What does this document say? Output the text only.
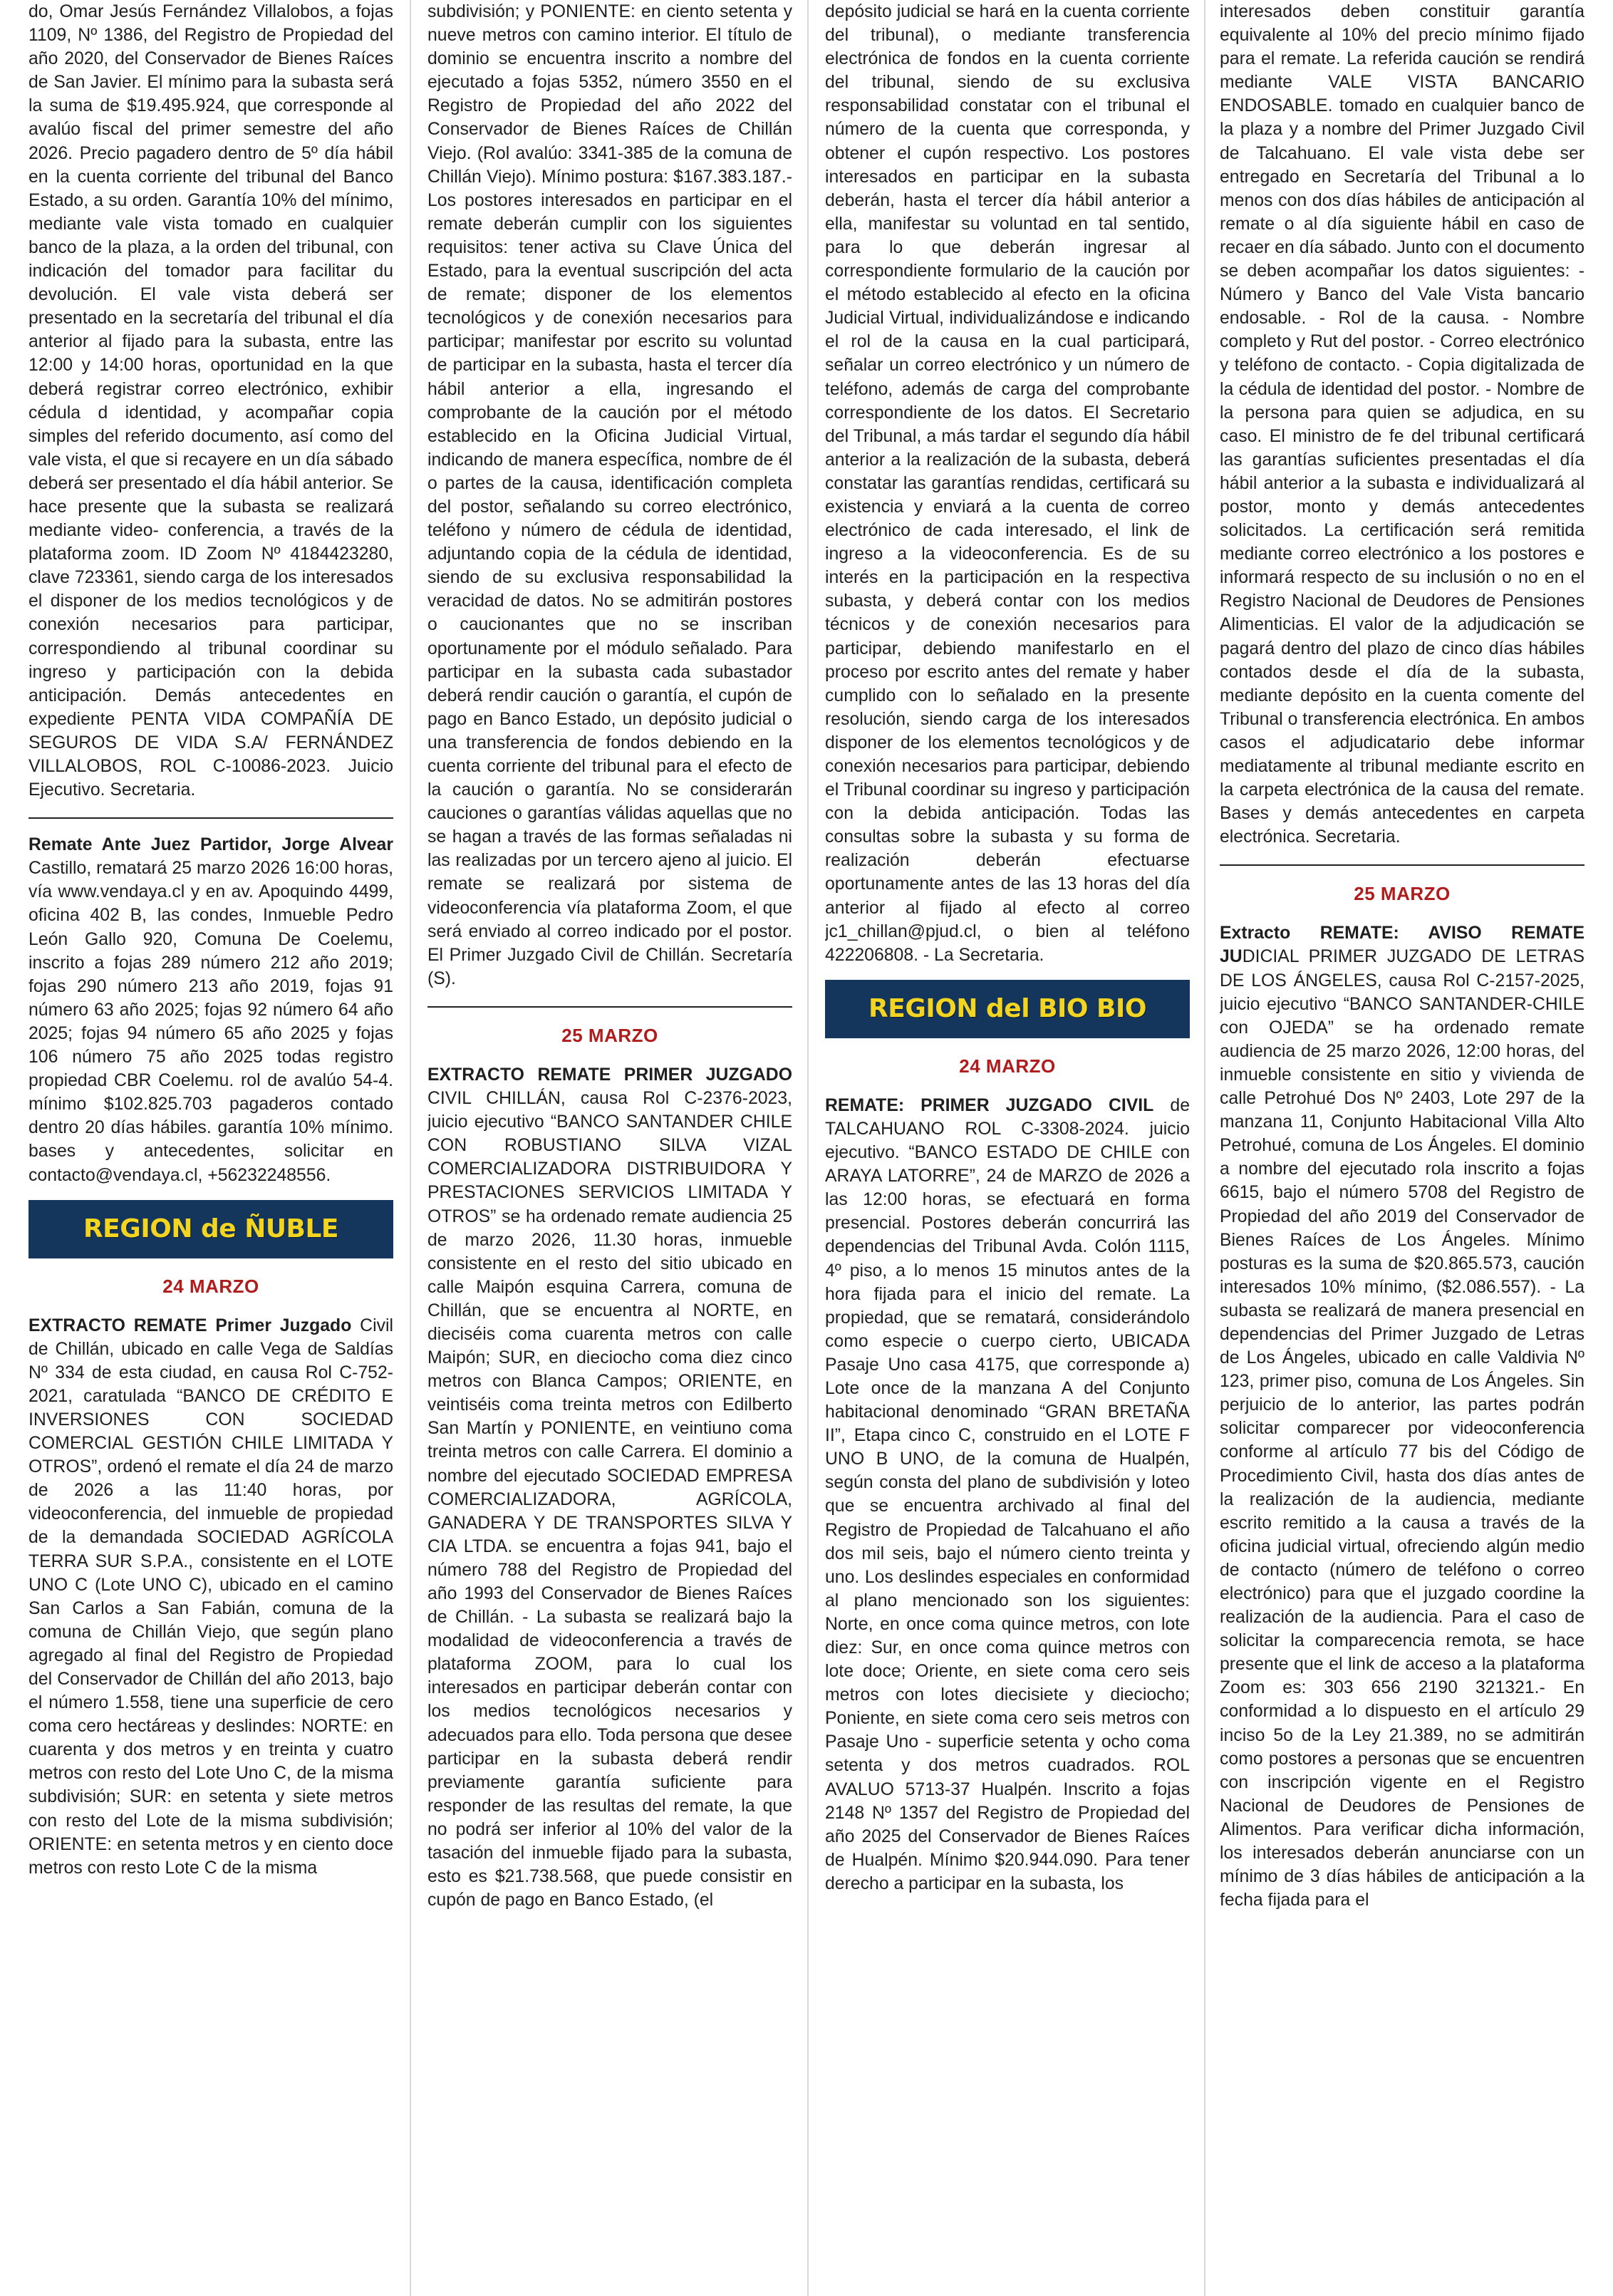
do, Omar Jesús Fernández Villalobos, a fojas 1109, Nº 1386, del Registro de Propiedad del año 2020, del Conservador de Bienes Raíces de San Javier. El mínimo para la subasta será la suma de $19.495.924, que corresponde al avalúo fiscal del primer semestre del año 2026. Precio pagadero dentro de 5º día hábil en la cuenta corriente del tribunal del Banco Estado, a su orden. Garantía 10% del mínimo, mediante vale vista tomado en cualquier banco de la plaza, a la orden del tribunal, con indicación del tomador para facilitar du devolución. El vale vista deberá ser presentado en la secretaría del tribunal el día anterior al fijado para la subasta, entre las 12:00 y 14:00 horas, oportunidad en la que deberá registrar correo electrónico, exhibir cédula d identidad, y acompañar copia simples del referido documento, así como del vale vista, el que si recayere en un día sábado deberá ser presentado el día hábil anterior. Se hace presente que la subasta se realizará mediante video- conferencia, a través de la plataforma zoom. ID Zoom Nº 4184423280, clave 723361, siendo carga de los interesados el disponer de los medios tecnológicos y de conexión necesarios para participar, correspondiendo al tribunal coordinar su ingreso y participación con la debida anticipación. Demás antecedentes en expediente PENTA VIDA COMPAÑÍA DE SEGUROS DE VIDA S.A/ FERNÁNDEZ VILLALOBOS, ROL C-10086-2023. Juicio Ejecutivo. Secretaria.

Remate Ante Juez Partidor, Jorge Alvear Castillo, rematará 25 marzo 2026 16:00 horas, vía www.vendaya.cl y en av. Apoquindo 4499, oficina 402 B, las condes, Inmueble Pedro León Gallo 920, Comuna De Coelemu, inscrito a fojas 289 número 212 año 2019; fojas 290 número 213 año 2019, fojas 91 número 63 año 2025; fojas 92 número 64 año 2025; fojas 94 número 65 año 2025 y fojas 106 número 75 año 2025 todas registro propiedad CBR Coelemu. rol de avalúo 54-4. mínimo $102.825.703 pagaderos contado dentro 20 días hábiles. garantía 10% mínimo. bases y antecedentes, solicitar en contacto@vendaya.cl, +56232248556.

REGION de ÑUBLE
24 MARZO

EXTRACTO REMATE Primer Juzgado Civil de Chillán, ubicado en calle Vega de Saldías Nº 334 de esta ciudad, en causa Rol C-752-2021, caratulada “BANCO DE CRÉDITO E INVERSIONES CON SOCIEDAD COMERCIAL GESTIÓN CHILE LIMITADA Y OTROS”, ordenó el remate el día 24 de marzo de 2026 a las 11:40 horas, por videoconferencia, del inmueble de propiedad de la demandada SOCIEDAD AGRÍCOLA TERRA SUR S.P.A., consistente en el LOTE UNO C (Lote UNO C), ubicado en el camino San Carlos a San Fabián, comuna de la comuna de Chillán Viejo, que según plano agregado al final del Registro de Propiedad del Conservador de Chillán del año 2013, bajo el número 1.558, tiene una superficie de cero coma cero hectáreas y deslindes: NORTE: en cuarenta y dos metros y en treinta y cuatro metros con resto del Lote Uno C, de la misma subdivisión; SUR: en setenta y siete metros con resto del Lote de la misma subdivisión; ORIENTE: en setenta metros y en ciento doce metros con resto Lote C de la misma

subdivisión; y PONIENTE: en ciento setenta y nueve metros con camino interior. El título de dominio se encuentra inscrito a nombre del ejecutado a fojas 5352, número 3550 en el Registro de Propiedad del año 2022 del Conservador de Bienes Raíces de Chillán Viejo. (Rol avalúo: 3341-385 de la comuna de Chillán Viejo). Mínimo postura: $167.383.187.- Los postores interesados en participar en el remate deberán cumplir con los siguientes requisitos: tener activa su Clave Única del Estado, para la eventual suscripción del acta de remate; disponer de los elementos tecnológicos y de conexión necesarios para participar; manifestar por escrito su voluntad de participar en la subasta, hasta el tercer día hábil anterior a ella, ingresando el comprobante de la caución por el método establecido en la Oficina Judicial Virtual, indicando de manera específica, nombre de él o partes de la causa, identificación completa del postor, señalando su correo electrónico, teléfono y número de cédula de identidad, adjuntando copia de la cédula de identidad, siendo de su exclusiva responsabilidad la veracidad de datos. No se admitirán postores o caucionantes que no se inscriban oportunamente por el módulo señalado. Para participar en la subasta cada subastador deberá rendir caución o garantía, el cupón de pago en Banco Estado, un depósito judicial o una transferencia de fondos debiendo en la cuenta corriente del tribunal para el efecto de la caución o garantía. No se considerarán cauciones o garantías válidas aquellas que no se hagan a través de las formas señaladas ni las realizadas por un tercero ajeno al juicio. El remate se realizará por sistema de videoconferencia vía plataforma Zoom, el que será enviado al correo indicado por el postor. El Primer Juzgado Civil de Chillán. Secretaría (S).

25 MARZO

EXTRACTO REMATE PRIMER JUZGADO CIVIL CHILLÁN, causa Rol C-2376-2023, juicio ejecutivo “BANCO SANTANDER CHILE CON ROBUSTIANO SILVA VIZAL COMERCIALIZADORA DISTRIBUIDORA Y PRESTACIONES SERVICIOS LIMITADA Y OTROS” se ha ordenado remate audiencia 25 de marzo 2026, 11.30 horas, inmueble consistente en el resto del sitio ubicado en calle Maipón esquina Carrera, comuna de Chillán, que se encuentra al NORTE, en dieciséis coma cuarenta metros con calle Maipón; SUR, en dieciocho coma diez cinco metros con Blanca Campos; ORIENTE, en veintiséis coma treinta metros con Edilberto San Martín y PONIENTE, en veintiuno coma treinta metros con calle Carrera. El dominio a nombre del ejecutado SOCIEDAD EMPRESA COMERCIALIZADORA, AGRÍCOLA, GANADERA Y DE TRANSPORTES SILVA Y CIA LTDA. se encuentra a fojas 941, bajo el número 788 del Registro de Propiedad del año 1993 del Conservador de Bienes Raíces de Chillán. - La subasta se realizará bajo la modalidad de videoconferencia a través de plataforma ZOOM, para lo cual los interesados en participar deberán contar con los medios tecnológicos necesarios y adecuados para ello. Toda persona que desee participar en la subasta deberá rendir previamente garantía suficiente para responder de las resultas del remate, la que no podrá ser inferior al 10% del valor de la tasación del inmueble fijado para la subasta, esto es $21.738.568, que puede consistir en cupón de pago en Banco Estado, (el

depósito judicial se hará en la cuenta corriente del tribunal), o mediante transferencia electrónica de fondos en la cuenta corriente del tribunal, siendo de su exclusiva responsabilidad constatar con el tribunal el número de la cuenta que corresponda, y obtener el cupón respectivo. Los postores interesados en participar en la subasta deberán, hasta el tercer día hábil anterior a ella, manifestar su voluntad en tal sentido, para lo que deberán ingresar al correspondiente formulario de la caución por el método establecido al efecto en la oficina Judicial Virtual, individualizándose e indicando el rol de la causa en la cual participará, señalar un correo electrónico y un número de teléfono, además de carga del comprobante correspondiente de los datos. El Secretario del Tribunal, a más tardar el segundo día hábil anterior a la realización de la subasta, deberá constatar las garantías rendidas, certificará su existencia y enviará a la cuenta de correo electrónico de cada interesado, el link de ingreso a la videoconferencia. Es de su interés en la participación en la respectiva subasta, y deberá contar con los medios técnicos y de conexión necesarios para participar, debiendo manifestarlo en el proceso por escrito antes del remate y haber cumplido con lo señalado en la presente resolución, siendo carga de los interesados disponer de los elementos tecnológicos y de conexión necesarios para participar, debiendo el Tribunal coordinar su ingreso y participación con la debida anticipación. Todas las consultas sobre la subasta y su forma de realización deberán efectuarse oportunamente antes de las 13 horas del día anterior al fijado al efecto al correo jc1_chillan@pjud.cl, o bien al teléfono 422206808. - La Secretaria.

REGION del BIO BIO
24 MARZO

REMATE: PRIMER JUZGADO CIVIL de TALCAHUANO ROL C-3308-2024. juicio ejecutivo. “BANCO ESTADO DE CHILE con ARAYA LATORRE”, 24 de MARZO de 2026 a las 12:00 horas, se efectuará en forma presencial. Postores deberán concurrirá las dependencias del Tribunal Avda. Colón 1115, 4º piso, a lo menos 15 minutos antes de la hora fijada para el inicio del remate. La propiedad, que se rematará, considerándolo como especie o cuerpo cierto, UBICADA Pasaje Uno casa 4175, que corresponde a) Lote once de la manzana A del Conjunto habitacional denominado “GRAN BRETAÑA II”, Etapa cinco C, construido en el LOTE F UNO B UNO, de la comuna de Hualpén, según consta del plano de subdivisión y loteo que se encuentra archivado al final del Registro de Propiedad de Talcahuano el año dos mil seis, bajo el número ciento treinta y uno. Los deslindes especiales en conformidad al plano mencionado son los siguientes: Norte, en once coma quince metros, con lote diez: Sur, en once coma quince metros con lote doce; Oriente, en siete coma cero seis metros con lotes diecisiete y dieciocho; Poniente, en siete coma cero seis metros con Pasaje Uno - superficie setenta y ocho coma setenta y dos metros cuadrados. ROL AVALUO 5713-37 Hualpén. Inscrito a fojas 2148 Nº 1357 del Registro de Propiedad del año 2025 del Conservador de Bienes Raíces de Hualpén. Mínimo $20.944.090. Para tener derecho a participar en la subasta, los

interesados deben constituir garantía equivalente al 10% del precio mínimo fijado para el remate. La referida caución se rendirá mediante VALE VISTA BANCARIO ENDOSABLE. tomado en cualquier banco de la plaza y a nombre del Primer Juzgado Civil de Talcahuano. El vale vista debe ser entregado en Secretaría del Tribunal a lo menos con dos días hábiles de anticipación al remate o al día siguiente hábil en caso de recaer en día sábado. Junto con el documento se deben acompañar los datos siguientes: - Número y Banco del Vale Vista bancario endosable. - Rol de la causa. - Nombre completo y Rut del postor. - Correo electrónico y teléfono de contacto. - Copia digitalizada de la cédula de identidad del postor. - Nombre de la persona para quien se adjudica, en su caso. El ministro de fe del tribunal certificará las garantías suficientes presentadas el día hábil anterior a la subasta e individualizará al postor, monto y demás antecedentes solicitados. La certificación será remitida mediante correo electrónico a los postores e informará respecto de su inclusión o no en el Registro Nacional de Deudores de Pensiones Alimenticias. El valor de la adjudicación se pagará dentro del plazo de cinco días hábiles contados desde el día de la subasta, mediante depósito en la cuenta comente del Tribunal o transferencia electrónica. En ambos casos el adjudicatario debe informar mediatamente al tribunal mediante escrito en la carpeta electrónica de la causa del remate. Bases y demás antecedentes en carpeta electrónica. Secretaria.

25 MARZO

Extracto REMATE: AVISO REMATE JUDICIAL PRIMER JUZGADO DE LETRAS DE LOS ÁNGELES, causa Rol C-2157-2025, juicio ejecutivo “BANCO SANTANDER-CHILE con OJEDA” se ha ordenado remate audiencia de 25 marzo 2026, 12:00 horas, del inmueble consistente en sitio y vivienda de calle Petrohué Dos Nº 2403, Lote 297 de la manzana 11, Conjunto Habitacional Villa Alto Petrohué, comuna de Los Ángeles. El dominio a nombre del ejecutado rola inscrito a fojas 6615, bajo el número 5708 del Registro de Propiedad del año 2019 del Conservador de Bienes Raíces de Los Ángeles. Mínimo posturas es la suma de $20.865.573, caución interesados 10% mínimo, ($2.086.557). - La subasta se realizará de manera presencial en dependencias del Primer Juzgado de Letras de Los Ángeles, ubicado en calle Valdivia Nº 123, primer piso, comuna de Los Ángeles. Sin perjuicio de lo anterior, las partes podrán solicitar comparecer por videoconferencia conforme al artículo 77 bis del Código de Procedimiento Civil, hasta dos días antes de la realización de la audiencia, mediante escrito remitido a la causa a través de la oficina judicial virtual, ofreciendo algún medio de contacto (número de teléfono o correo electrónico) para que el juzgado coordine la realización de la audiencia. Para el caso de solicitar la comparecencia remota, se hace presente que el link de acceso a la plataforma Zoom es: 303 656 2190 321321.- En conformidad a lo dispuesto en el artículo 29 inciso 5o de la Ley 21.389, no se admitirán como postores a personas que se encuentren con inscripción vigente en el Registro Nacional de Deudores de Pensiones de Alimentos. Para verificar dicha información, los interesados deberán anunciarse con un mínimo de 3 días hábiles de anticipación a la fecha fijada para el
